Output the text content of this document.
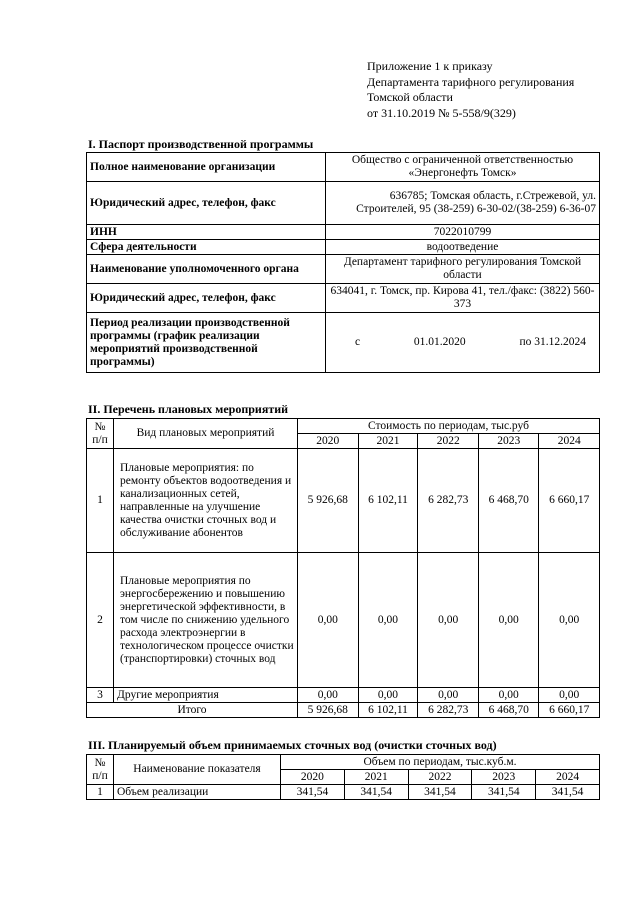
Приложение 1 к приказу
Департамента тарифного регулирования
Томской области
от 31.10.2019 № 5-558/9(329)
I. Паспорт производственной программы
Полное наименование организации	Общество с ограниченной ответственностью «Энергонефть Томск»
Юридический адрес, телефон, факс	636785; Томская область, г.Стрежевой, ул. Строителей, 95 (38-259) 6-30-02/(38-259) 6-36-07
ИНН	7022010799
Сфера деятельности	водоотведение
Наименование уполномоченного органа	Департамент тарифного регулирования Томской области
Юридический адрес, телефон, факс	634041, г. Томск, пр. Кирова 41, тел./факс: (3822) 560-373
Период реализации производственной программы (график реализации мероприятий производственной программы)	с 01.01.2020 по 31.12.2024
II. Перечень плановых мероприятий
№ п/п	Вид плановых мероприятий	Стоимость по периодам, тыс.руб				
		2020	2021	2022	2023	2024
1	Плановые мероприятия: по ремонту объектов водоотведения и канализационных сетей, направленные на улучшение качества очистки сточных вод и обслуживание абонентов	5 926,68	6 102,11	6 282,73	6 468,70	6 660,17
2	Плановые мероприятия по энергосбережению и повышению энергетической эффективности, в том числе по снижению удельного расхода электроэнергии в технологическом процессе очистки (транспортировки) сточных вод	0,00	0,00	0,00	0,00	0,00
3	Другие мероприятия	0,00	0,00	0,00	0,00	0,00
Итого		5 926,68	6 102,11	6 282,73	6 468,70	6 660,17
III. Планируемый объем принимаемых сточных вод (очистки сточных вод)
№ п/п	Наименование показателя	Объем по периодам, тыс.куб.м.				
		2020	2021	2022	2023	2024
1	Объем реализации	341,54	341,54	341,54	341,54	341,54
